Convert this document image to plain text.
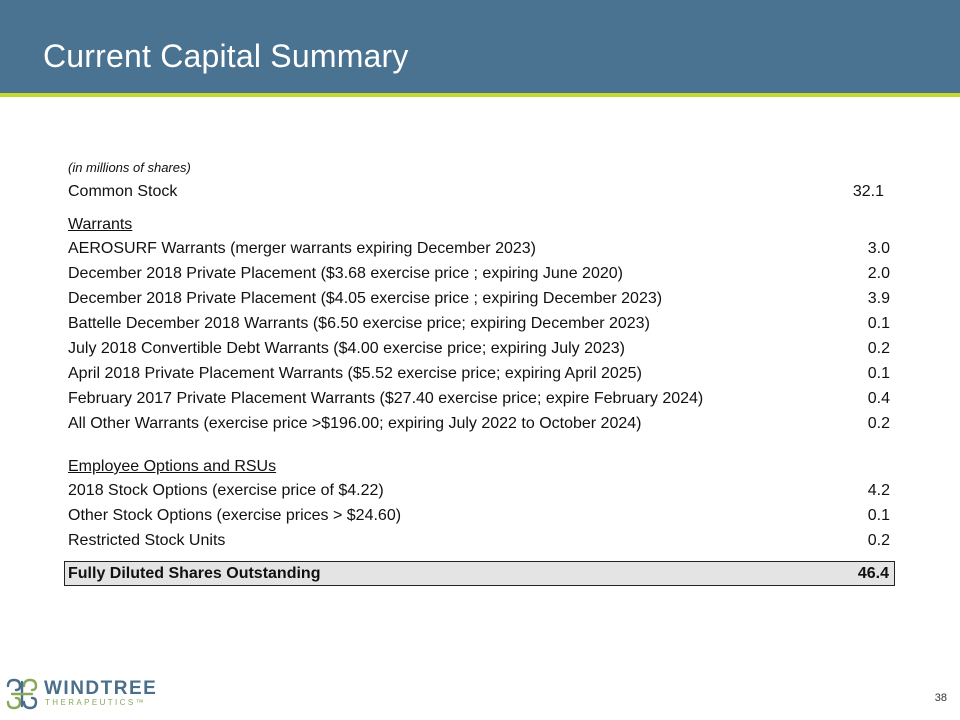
Current Capital Summary
(in millions of shares)
Common Stock	32.1
Warrants
AEROSURF Warrants (merger warrants expiring December 2023)	3.0
December 2018 Private Placement ($3.68 exercise price ; expiring June 2020)	2.0
December 2018 Private Placement ($4.05 exercise price ; expiring December 2023)	3.9
Battelle December 2018 Warrants ($6.50 exercise price; expiring December 2023)	0.1
July 2018 Convertible Debt Warrants ($4.00 exercise price; expiring July 2023)	0.2
April 2018 Private Placement Warrants ($5.52 exercise price; expiring April 2025)	0.1
February 2017 Private Placement Warrants ($27.40 exercise price; expire February 2024)	0.4
All Other Warrants (exercise price >$196.00; expiring July 2022 to October 2024)	0.2
Employee Options and RSUs
2018 Stock Options (exercise price of $4.22)	4.2
Other Stock Options (exercise prices > $24.60)	0.1
Restricted Stock Units	0.2
Fully Diluted Shares Outstanding	46.4
WINDTREE
THERAPEUTICS™	38
